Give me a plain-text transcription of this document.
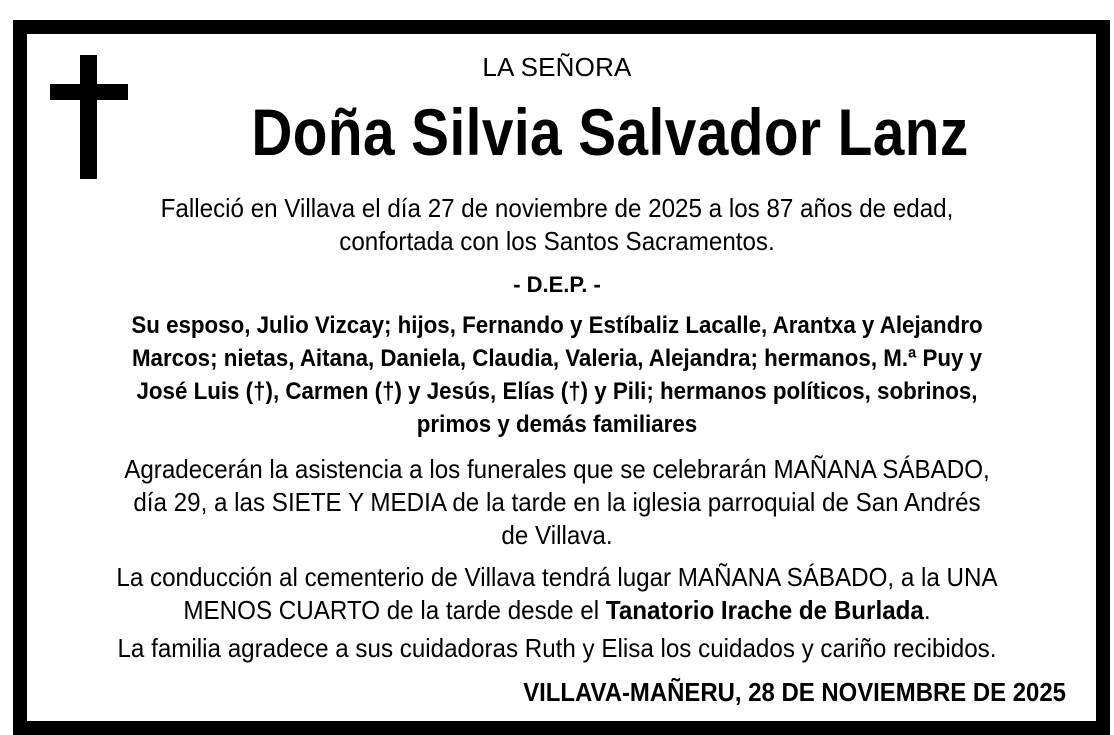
LA SEÑORA
Doña Silvia Salvador Lanz
Falleció en Villava el día 27 de noviembre de 2025 a los 87 años de edad,
confortada con los Santos Sacramentos.
- D.E.P. -
Su esposo, Julio Vizcay; hijos, Fernando y Estíbaliz Lacalle, Arantxa y Alejandro
Marcos; nietas, Aitana, Daniela, Claudia, Valeria, Alejandra; hermanos, M.ª Puy y
José Luis (†), Carmen (†) y Jesús, Elías (†) y Pili; hermanos políticos, sobrinos,
primos y demás familiares
Agradecerán la asistencia a los funerales que se celebrarán MAÑANA SÁBADO,
día 29, a las SIETE Y MEDIA de la tarde en la iglesia parroquial de San Andrés
de Villava.
La conducción al cementerio de Villava tendrá lugar MAÑANA SÁBADO, a la UNA
MENOS CUARTO de la tarde desde el Tanatorio Irache de Burlada.
La familia agradece a sus cuidadoras Ruth y Elisa los cuidados y cariño recibidos.
VILLAVA-MAÑERU, 28 DE NOVIEMBRE DE 2025
